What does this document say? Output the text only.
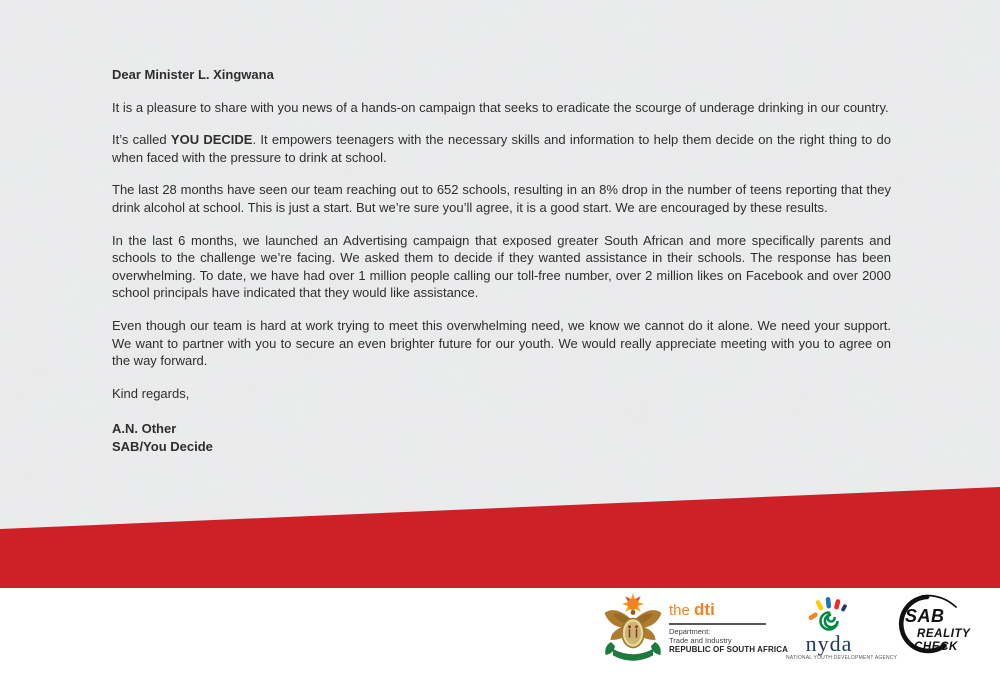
Dear Minister L. Xingwana

It is a pleasure to share with you news of a hands-on campaign that seeks to eradicate the scourge of underage drinking in our country.

It’s called YOU DECIDE. It empowers teenagers with the necessary skills and information to help them decide on the right thing to do when faced with the pressure to drink at school.

The last 28 months have seen our team reaching out to 652 schools, resulting in an 8% drop in the number of teens reporting that they drink alcohol at school. This is just a start. But we’re sure you’ll agree, it is a good start. We are encouraged by these results.

In the last 6 months, we launched an Advertising campaign that exposed greater South African and more specifically parents and schools to the challenge we’re facing. We asked them to decide if they wanted assistance in their schools. The response has been overwhelming. To date, we have had over 1 million people calling our toll-free number, over 2 million likes on Facebook and over 2000 school principals have indicated that they would like assistance.

Even though our team is hard at work trying to meet this overwhelming need, we know we cannot do it alone. We need your support. We want to partner with you to secure an even brighter future for our youth. We would really appreciate meeting with you to agree on the way forward.

Kind regards,

A.N. Other
SAB/You Decide
the dti
Department:
Trade and Industry
REPUBLIC OF SOUTH AFRICA nyda
NATIONAL YOUTH DEVELOPMENT AGENCY
SAB
REALITY
CHECK
